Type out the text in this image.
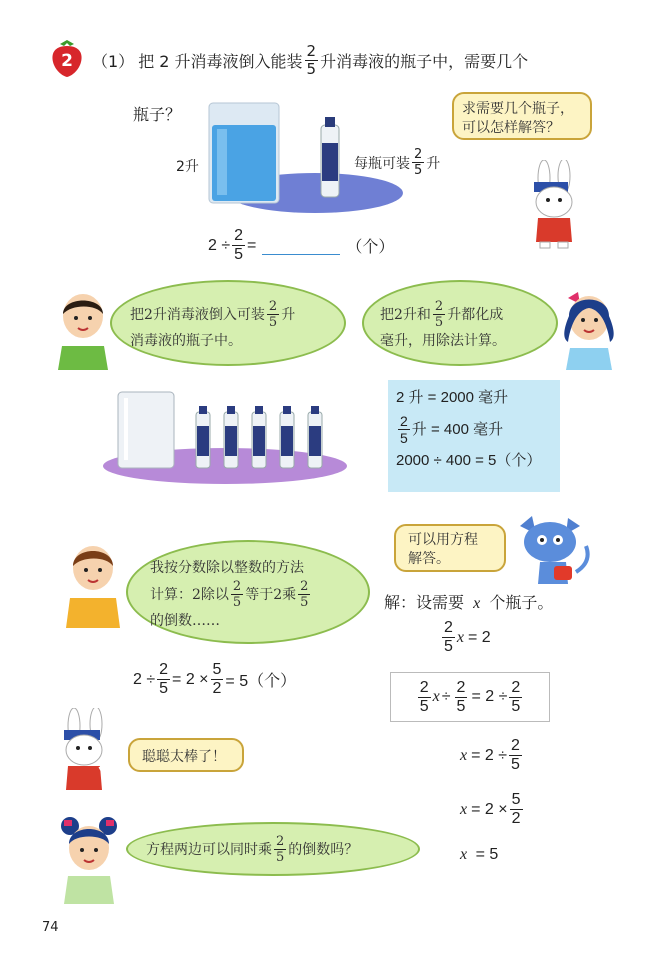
2	（1） 把 2 升消毒液倒入能装 $\frac{2}{5}$ 升消毒液的瓶子中，需要几个
瓶子？
2升	每瓶可装 $\frac{2}{5}$ 升
求需要几个瓶子，
可以怎样解答？
$2 \div \frac{2}{5}$ =	（个）
把2升消毒液倒入可装 $\frac{2}{5}$ 升
消毒液的瓶子中。
把2升和 $\frac{2}{5}$ 升都化成
毫升，用除法计算。
2 升 = 2000 毫升
$\frac{2}{5}$ 升 = 400 毫升
2000 ÷ 400 = 5（个）
我按分数除以整数的方法
计算：2除以 $\frac{2}{5}$ 等于2乘 $\frac{2}{5}$
的倒数……
$2 \div \frac{2}{5} = 2 \times \frac{5}{2} = 5$（个）
可以用方程
解答。
解：设需要 x 个瓶子。
$\frac{2}{5}$ x = 2
$\frac{2}{5}$ $x \div \frac{2}{5} = 2 \div \frac{2}{5}$
$x = 2 \div \frac{2}{5}$
$x = 2 \times \frac{5}{2}$
x = 5
聪聪太棒了！
方程两边可以同时乘 $\frac{2}{5}$ 的倒数吗？
74
